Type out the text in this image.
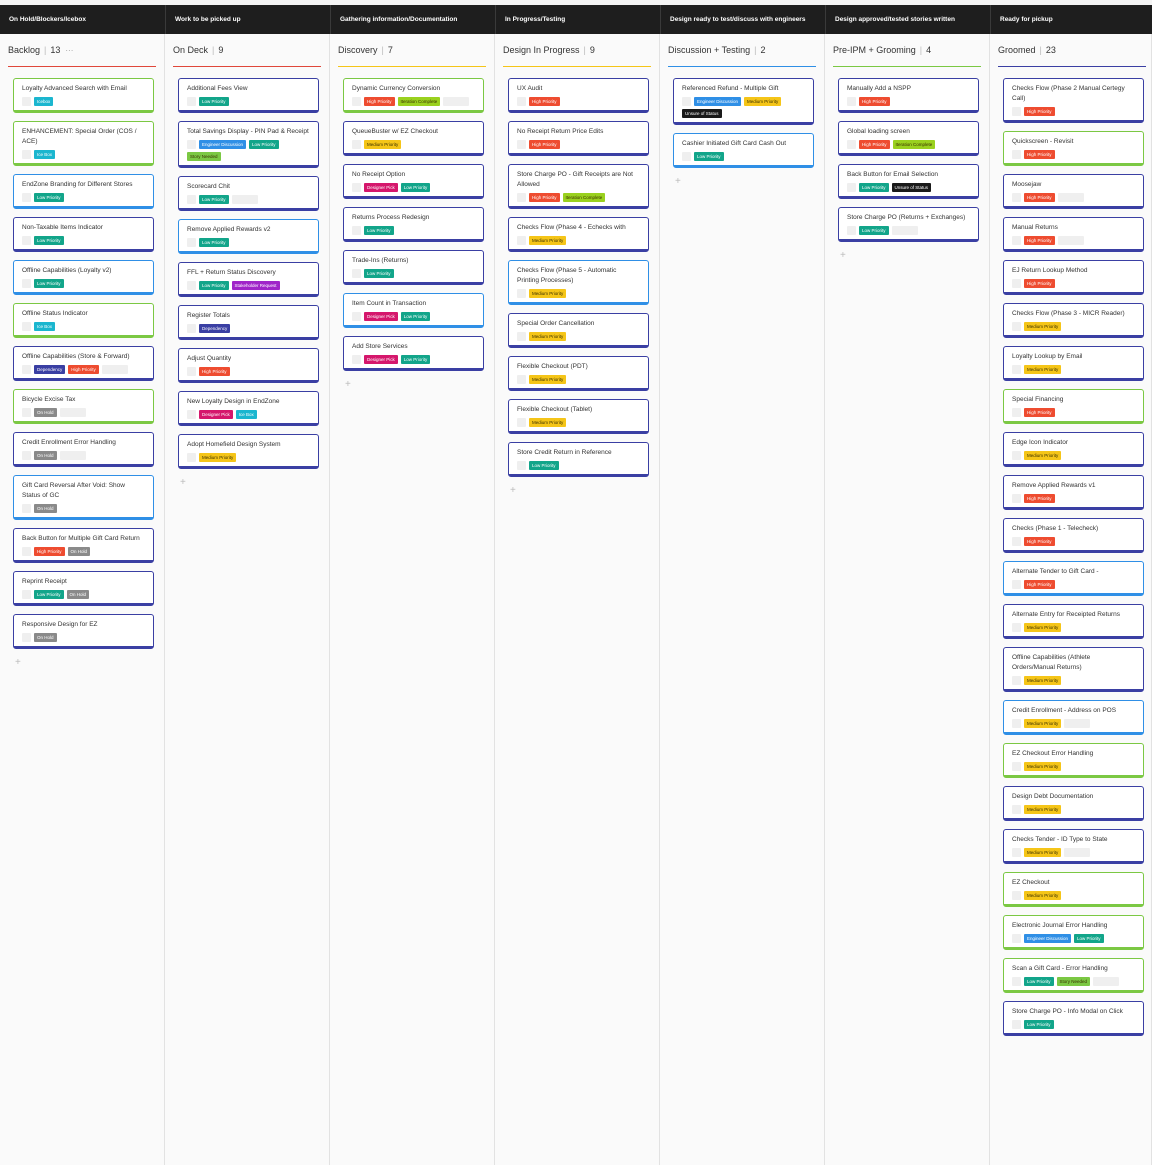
On Hold/Blockers/Icebox	Work to be picked up	Gathering information/Documentation	In Progress/Testing	Design ready to test/discuss with engineers	Design approved/tested stories written	Ready for pickup
Backlog | 13 ···
Loyalty Advanced Search with Email
Icebox
ENHANCEMENT: Special Order (COS / ACE)
Ice Box
EndZone Branding for Different Stores
Low Priority
Non-Taxable Items Indicator
Low Priority
Offline Capabilities (Loyalty v2)
Low Priority
Offline Status Indicator
Ice Box
Offline Capabilities (Store & Forward)
Dependency	High Priority
Bicycle Excise Tax
On Hold
Credit Enrollment Error Handling
On Hold
Gift Card Reversal After Void: Show Status of GC
On Hold
Back Button for Multiple Gift Card Return
High Priority	On Hold
Reprint Receipt
Low Priority	On Hold
Responsive Design for EZ
On Hold
+
On Deck | 9
Additional Fees View
Low Priority
Total Savings Display - PIN Pad & Receipt
Engineer Discussion	Low Priority
Story Needed
Scorecard Chit
Low Priority
Remove Applied Rewards v2
Low Priority
FFL + Return Status Discovery
Low Priority	Stakeholder Request
Register Totals
Dependency
Adjust Quantity
High Priority
New Loyalty Design in EndZone
Designer Pick	Ice Box
Adopt Homefield Design System
Medium Priority
+
Discovery | 7
Dynamic Currency Conversion
High Priority	Iteration Complete
QueueBuster w/ EZ Checkout
Medium Priority
No Receipt Option
Designer Pick	Low Priority
Returns Process Redesign
Low Priority
Trade-Ins (Returns)
Low Priority
Item Count in Transaction
Designer Pick	Low Priority
Add Store Services
Designer Pick	Low Priority
+
Design In Progress | 9
UX Audit
High Priority
No Receipt Return Price Edits
High Priority
Store Charge PO - Gift Receipts are Not Allowed
High Priority	Iteration Complete
Checks Flow (Phase 4 - Echecks with
Medium Priority
Checks Flow (Phase 5 - Automatic Printing Processes)
Medium Priority
Special Order Cancellation
Medium Priority
Flexible Checkout (PDT)
Medium Priority
Flexible Checkout (Tablet)
Medium Priority
Store Credit Return in Reference
Low Priority
+
Discussion + Testing | 2
Referenced Refund - Multiple Gift
Engineer Discussion	Medium Priority
Unsure of Status
Cashier Initiated Gift Card Cash Out
Low Priority
+
Pre-IPM + Grooming | 4
Manually Add a NSPP
High Priority
Global loading screen
High Priority	Iteration Complete
Back Button for Email Selection
Low Priority	Unsure of Status
Store Charge PO (Returns + Exchanges)
Low Priority
+
Groomed | 23
Checks Flow (Phase 2 Manual Certegy Call)
High Priority
Quickscreen - Revisit
High Priority
Moosejaw
High Priority
Manual Returns
High Priority
EJ Return Lookup Method
High Priority
Checks Flow (Phase 3 - MICR Reader)
Medium Priority
Loyalty Lookup by Email
Medium Priority
Special Financing
High Priority
Edge Icon Indicator
Medium Priority
Remove Applied Rewards v1
High Priority
Checks (Phase 1 - Telecheck)
High Priority
Alternate Tender to Gift Card -
High Priority
Alternate Entry for Receipted Returns
Medium Priority
Offline Capabilities (Athlete Orders/Manual Returns)
Medium Priority
Credit Enrollment - Address on POS
Medium Priority
EZ Checkout Error Handling
Medium Priority
Design Debt Documentation
Medium Priority
Checks Tender - ID Type to State
Medium Priority
EZ Checkout
Medium Priority
Electronic Journal Error Handling
Engineer Discussion	Low Priority
Scan a Gift Card - Error Handling
Low Priority	Story Needed
Store Charge PO - Info Modal on Click
Low Priority
